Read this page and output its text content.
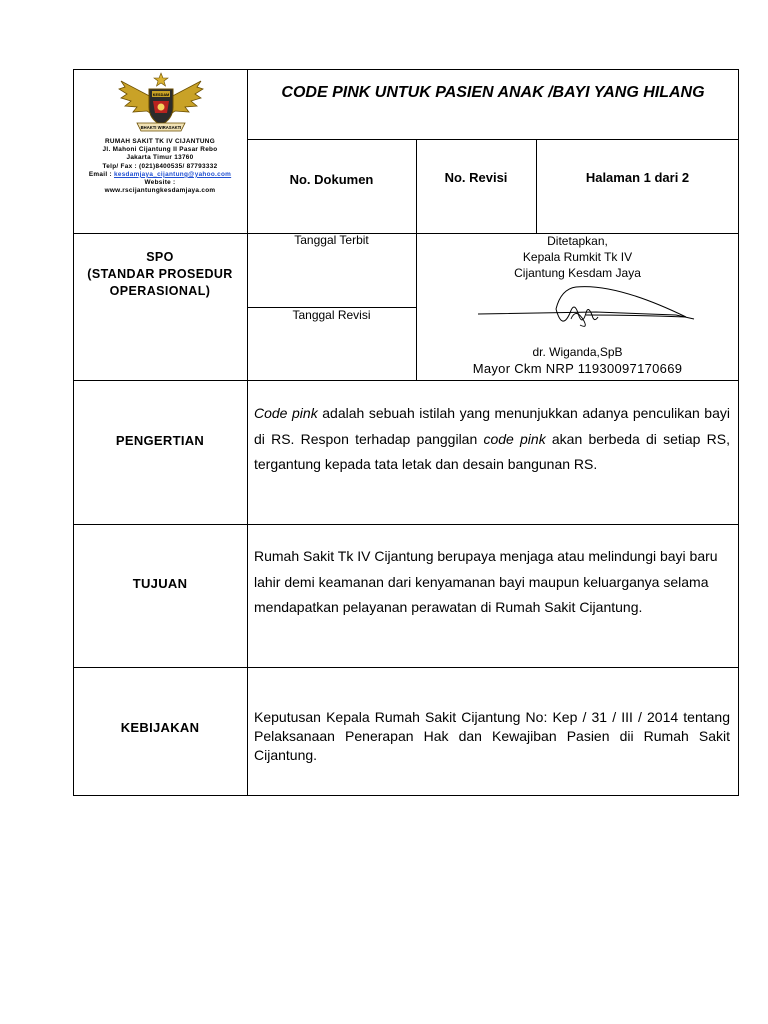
KESDAM
BHAKTI WIRASAKTI
RUMAH SAKIT TK IV CIJANTUNG
Jl. Mahoni Cijantung II Pasar Rebo
Jakarta Timur 13760
Telp/ Fax : (021)8400535/ 87793332
Email : kesdamjaya_cijantung@yahoo.com
Website :
www.rscijantungkesdamjaya.com
CODE PINK UNTUK PASIEN ANAK /BAYI YANG HILANG
No. Dokumen	No. Revisi	Halaman 1 dari 2
SPO
(STANDAR PROSEDUR
OPERASIONAL)
Tanggal Terbit
Tanggal Revisi
Ditetapkan,
Kepala Rumkit Tk IV
Cijantung Kesdam Jaya
dr. Wiganda,SpB
Mayor Ckm NRP 11930097170669
PENGERTIAN
Code pink adalah sebuah istilah yang menunjukkan adanya penculikan bayi di RS. Respon terhadap panggilan code pink akan berbeda di setiap RS, tergantung kepada tata letak dan desain bangunan RS.
TUJUAN
Rumah Sakit Tk IV Cijantung berupaya menjaga atau melindungi bayi baru lahir demi keamanan dari kenyamanan bayi maupun keluarganya selama mendapatkan pelayanan perawatan di Rumah Sakit Cijantung.
KEBIJAKAN
Keputusan Kepala Rumah Sakit Cijantung No: Kep / 31 / III / 2014 tentang Pelaksanaan Penerapan Hak dan Kewajiban Pasien dii Rumah Sakit Cijantung.
